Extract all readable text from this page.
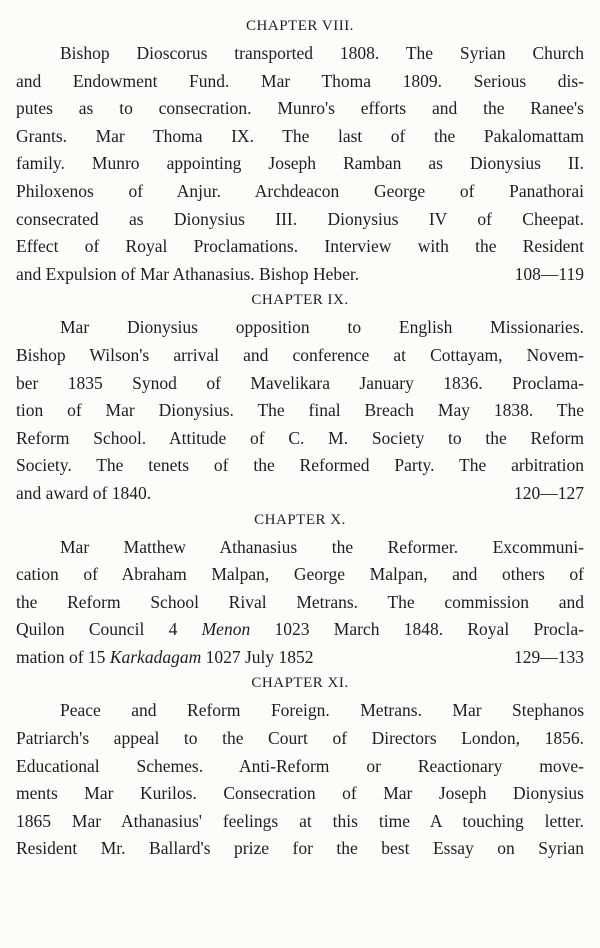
CHAPTER VIII.
Bishop Dioscorus transported 1808. The Syrian Church
and Endowment Fund. Mar Thoma 1809. Serious dis-
putes as to consecration. Munro's efforts and the Ranee's
Grants. Mar Thoma IX. The last of the Pakalomattam
family. Munro appointing Joseph Ramban as Dionysius II.
Philoxenos of Anjur. Archdeacon George of Panathorai
consecrated as Dionysius III. Dionysius IV of Cheepat.
Effect of Royal Proclamations. Interview with the Resident
and Expulsion of Mar Athanasius. Bishop Heber.	108—119
CHAPTER IX.
Mar Dionysius opposition to English Missionaries.
Bishop Wilson's arrival and conference at Cottayam, Novem-
ber 1835 Synod of Mavelikara January 1836. Proclama-
tion of Mar Dionysius. The final Breach May 1838. The
Reform School. Attitude of C. M. Society to the Reform
Society. The tenets of the Reformed Party. The arbitration
and award of 1840.	120—127
CHAPTER X.
Mar Matthew Athanasius the Reformer. Excommuni-
cation of Abraham Malpan, George Malpan, and others of
the Reform School Rival Metrans. The commission and
Quilon Council 4 Menon 1023 March 1848. Royal Procla-
mation of 15 Karkadagam 1027 July 1852	129—133
CHAPTER XI.
Peace and Reform Foreign. Metrans. Mar Stephanos
Patriarch's appeal to the Court of Directors London, 1856.
Educational Schemes. Anti-Reform or Reactionary move-
ments Mar Kurilos. Consecration of Mar Joseph Dionysius
1865 Mar Athanasius' feelings at this time A touching letter.
Resident Mr. Ballard's prize for the best Essay on Syrian
